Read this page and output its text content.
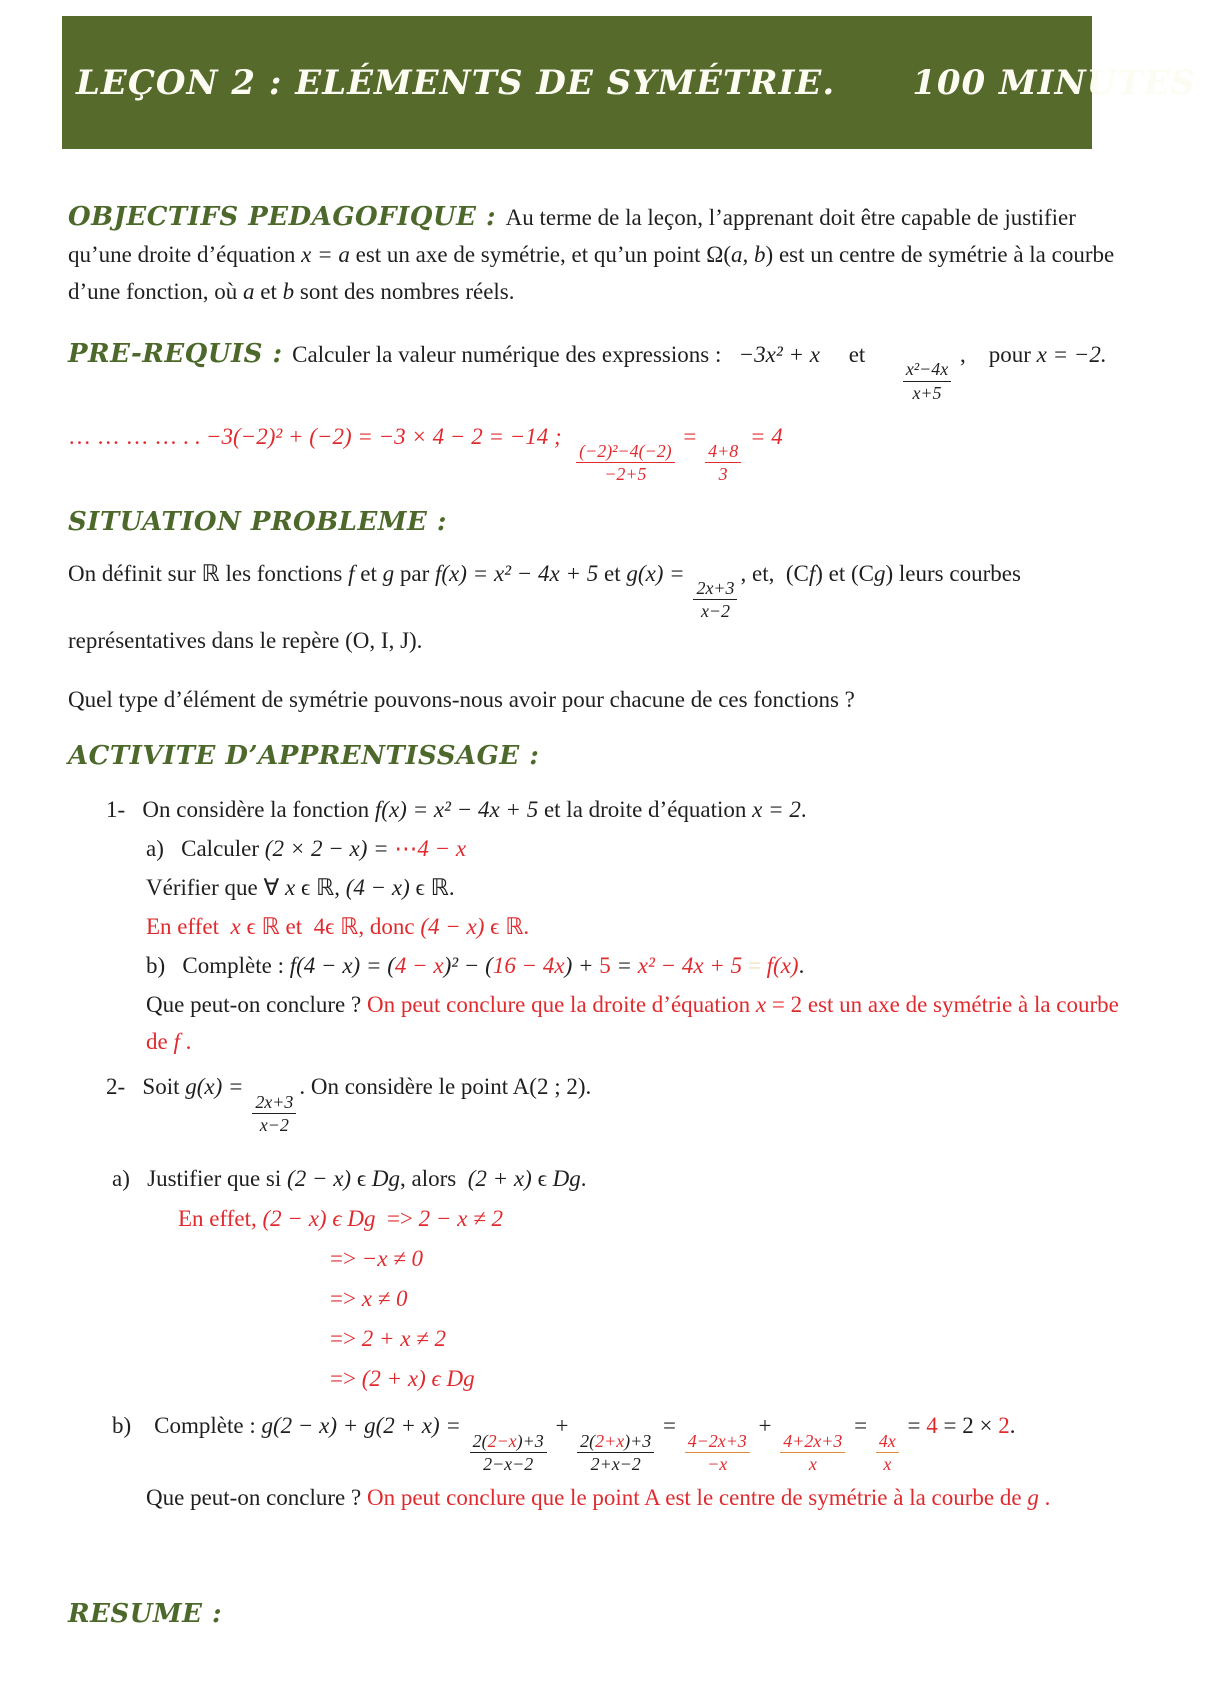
LEÇON 2 : ELÉMENTS DE SYMÉTRIE.
100 MINUTES

OBJECTIFS PEDAGOFIQUE : Au terme de la leçon, l’apprenant doit être capable de justifier qu’une droite d’équation x = a est un axe de symétrie, et qu’un point Ω(a, b) est un centre de symétrie à la courbe d’une fonction, où a et b sont des nombres réels.

PRE-REQUIS : Calculer la valeur numérique des expressions :   −3x² + x     et
$\frac{\text{x²−4x}}{x+5}$
,    pour x = −2.

… … … … . . −3(−2)² + (−2) = −3 × 4 − 2 = −14 ;
$\frac{\text{(−2)²−4(−2)}}{-2+5}$
=
$\frac{4+8}{3}$
= 4

SITUATION PROBLEME :

On définit sur ℝ les fonctions f et g par f(x) = x² − 4x + 5 et g(x) =
$\frac{2x+3}{x-2}$
, et,  (Cf) et (Cg) leurs courbes représentatives dans le repère (O, I, J).

Quel type d’élément de symétrie pouvons-nous avoir pour chacune de ces fonctions ?

ACTIVITE D’APPRENTISSAGE :

1-   On considère la fonction f(x) = x² − 4x + 5 et la droite d’équation x = 2.

a)   Calculer (2 × 2 − x) = ⋯4 − x

Vérifier que ∀ x ϵ ℝ, (4 − x) ϵ ℝ.

En effet  x ϵ ℝ et  4ϵ ℝ, donc (4 − x) ϵ ℝ.

b)   Complète : f(4 − x) = (4 − x)² − (16 − 4x) + 5 = x² − 4x + 5 = f(x).

Que peut-on conclure ? On peut conclure que la droite d’équation x = 2 est un axe de symétrie à la courbe de f .

2-   Soit g(x) =
$\frac{2x+3}{x-2}$
. On considère le point A(2 ; 2).

a)   Justifier que si (2 − x) ϵ Dg, alors  (2 + x) ϵ Dg.

En effet, (2 − x) ϵ Dg  => 2 − x ≠ 2

=> −x ≠ 0

=> x ≠ 0

=> 2 + x ≠ 2

=> (2 + x) ϵ Dg

b)    Complète : g(2 − x) + g(2 + x) =
$\frac{2(2-x)+3}{2-x-2}$
+
$\frac{2(2+x)+3}{2+x-2}$
=
$\frac{4-2x+3}{-x}$
+
$\frac{4+2x+3}{x}$
=
$\frac{4x}{x}$
= 4 = 2 × 2.

Que peut-on conclure ? On peut conclure que le point A est le centre de symétrie à la courbe de g .

RESUME :
